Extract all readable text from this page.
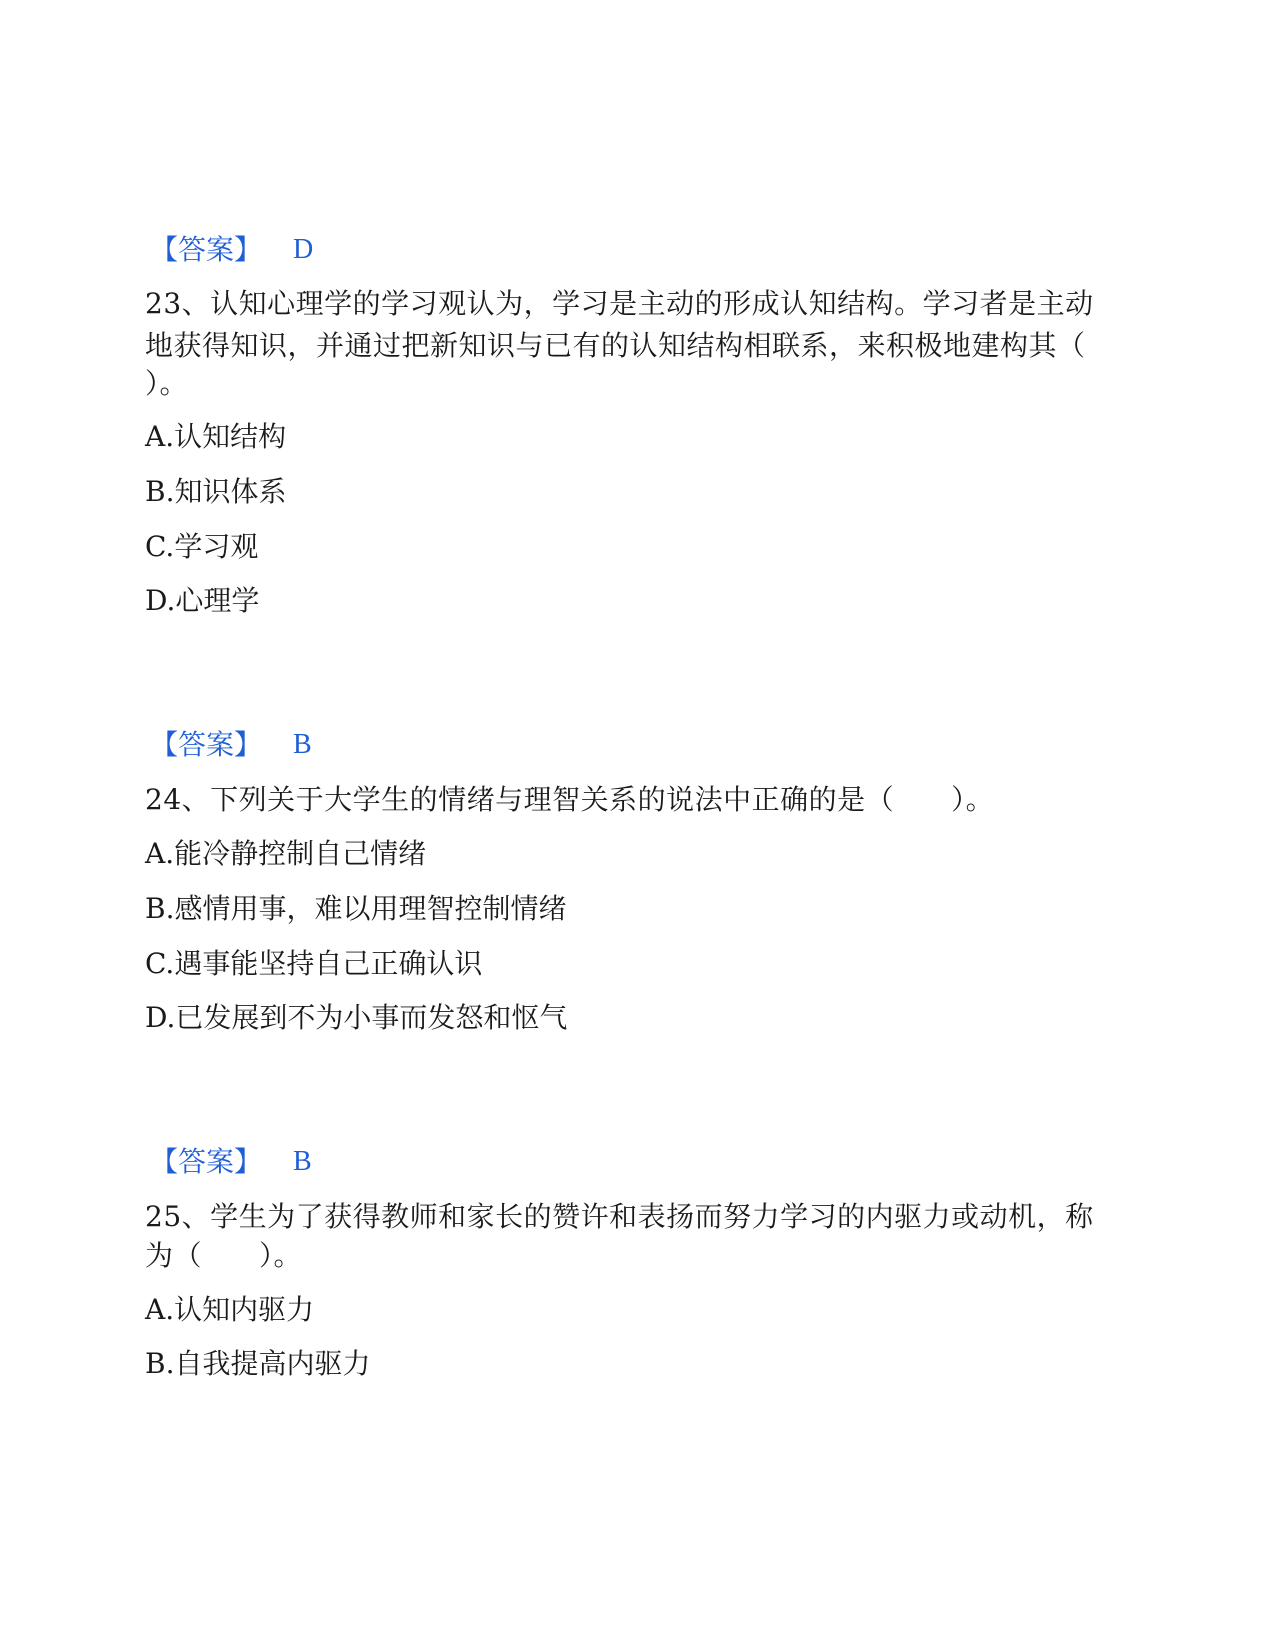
【答案】 D
23、认知心理学的学习观认为，学习是主动的形成认知结构。学习者是主动
地获得知识，并通过把新知识与已有的认知结构相联系，来积极地建构其（
）。
A.认知结构
B.知识体系
C.学习观
D.心理学
【答案】 B
24、下列关于大学生的情绪与理智关系的说法中正确的是（　　）。
A.能冷静控制自己情绪
B.感情用事，难以用理智控制情绪
C.遇事能坚持自己正确认识
D.已发展到不为小事而发怒和怄气
【答案】 B
25、学生为了获得教师和家长的赞许和表扬而努力学习的内驱力或动机，称
为（　　）。
A.认知内驱力
B.自我提高内驱力
